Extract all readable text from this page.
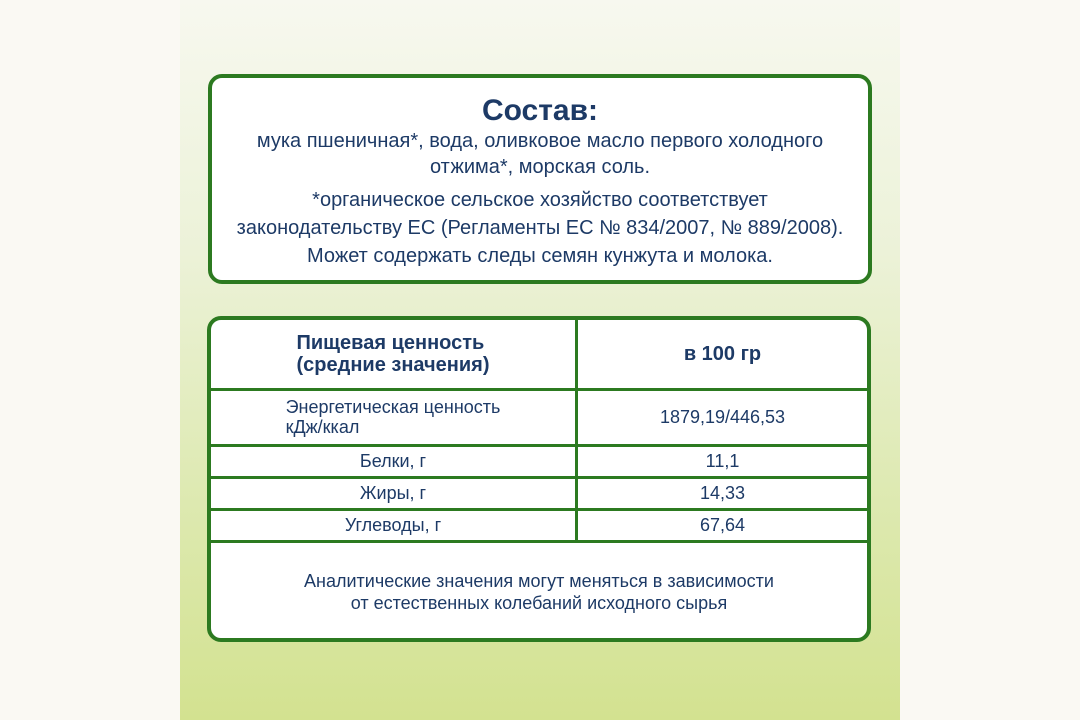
Состав:
мука пшеничная*, вода, оливковое масло первого холодного
отжима*, морская соль.
*органическое сельское хозяйство соответствует
законодательству ЕС (Регламенты ЕС № 834/2007, № 889/2008).
Может содержать следы семян кунжута и молока.
Пищевая ценность
(средние значения)	в 100 гр
Энергетическая ценность
кДж/ккал	1879,19/446,53
Белки, г	11,1
Жиры, г	14,33
Углеводы, г	67,64
Аналитические значения могут меняться в зависимости
от естественных колебаний исходного сырья
